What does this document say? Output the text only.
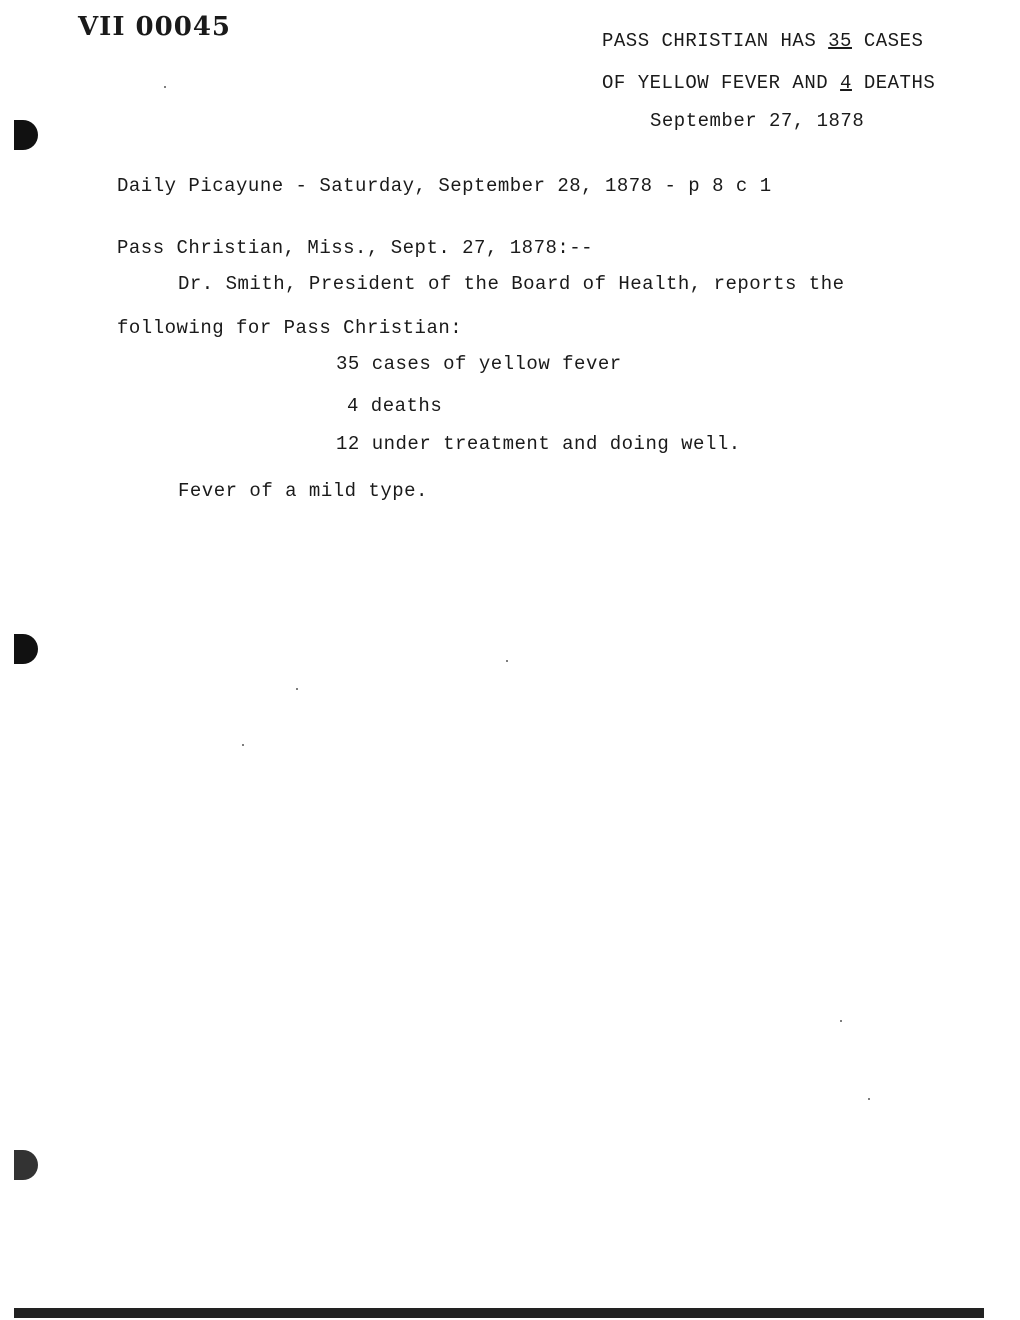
VII 00045	PASS CHRISTIAN HAS 35 CASES
OF YELLOW FEVER AND 4 DEATHS
September 27, 1878
Daily Picayune - Saturday, September 28, 1878 - p 8 c 1
Pass Christian, Miss., Sept. 27, 1878:--
Dr. Smith, President of the Board of Health, reports the
following for Pass Christian:
35 cases of yellow fever
4 deaths
12 under treatment and doing well.
Fever of a mild type.
